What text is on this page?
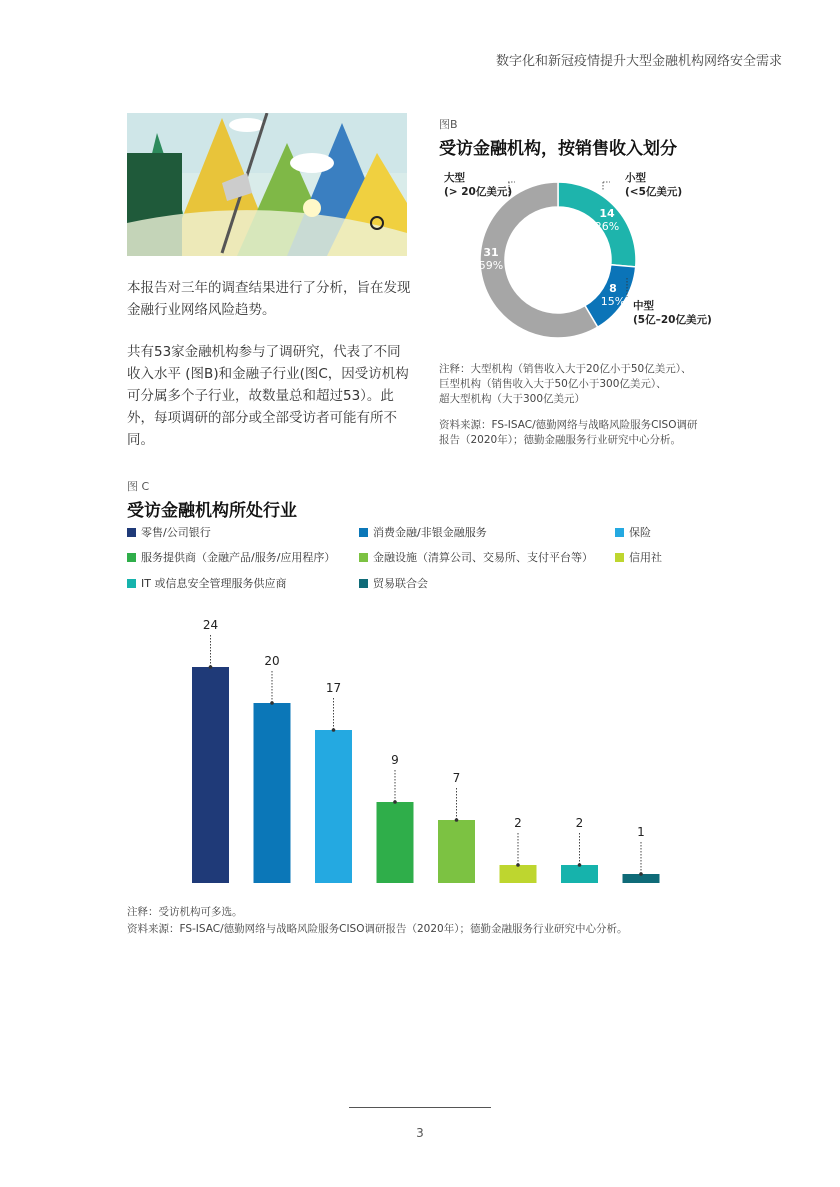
数字化和新冠疫情提升大型金融机构网络安全需求
本报告对三年的调查结果进行了分析，旨在发现金融行业网络风险趋势。
共有53家金融机构参与了调研究，代表了不同收入水平 (图B)和金融子行业(图C，因受访机构可分属多个子行业，故数量总和超过53）。此外，每项调研的部分或全部受访者可能有所不同。
图B
受访金融机构，按销售收入划分
大型
(> 20亿美元)
小型
(<5亿美元)
中型
(5亿–20亿美元)
31
59%
14
26%
8
15%
注释：大型机构（销售收入大于20亿小于50亿美元）、
巨型机构（销售收入大于50亿小于300亿美元）、
超大型机构（大于300亿美元）
资料来源：FS-ISAC/德勤网络与战略风险服务CISO调研
报告（2020年）；德勤金融服务行业研究中心分析。
图 C
受访金融机构所处行业
零售/公司银行	消费金融/非银金融服务	保险
服务提供商（金融产品/服务/应用程序）	金融设施（清算公司、交易所、支付平台等）	信用社
IT 或信息安全管理服务供应商	贸易联合会
24
20
17
9
7
2	2
1
注释：受访机构可多选。
资料来源：FS-ISAC/德勤网络与战略风险服务CISO调研报告（2020年）；德勤金融服务行业研究中心分析。
3
